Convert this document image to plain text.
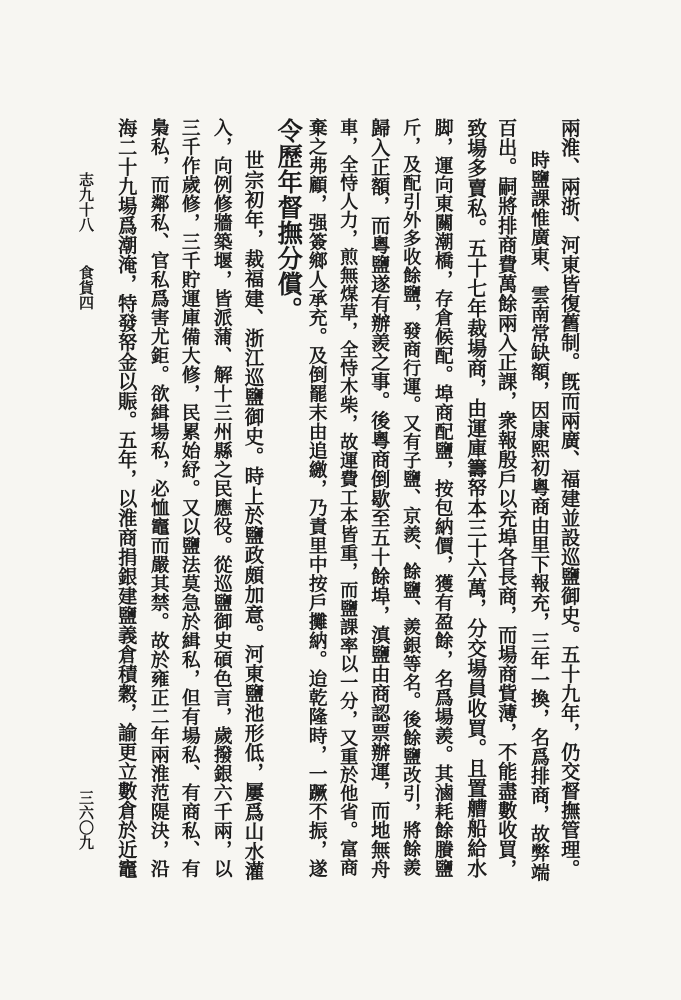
志九十八
食貨四
三六〇九	兩淮、兩浙、河東皆復舊制。旣而兩廣、福建並設巡鹽御史。五十九年，仍交督撫管理。
時鹽課惟廣東、雲南常缺額，因康熙初粵商由里下報充，三年一換，名爲排商，故弊端
百出。嗣將排商費萬餘兩入正課，衆報殷戶以充埠各長商，而場商貲薄，不能盡數收買，
致場多賣私。五十七年裁場商，由運庫籌帑本三十六萬，分交場員收買。且置艚船給水
脚，運向東關潮橋，存倉候配。埠商配鹽，按包納價，獲有盈餘，名爲場羨。其滷耗餘賸鹽
斤，及配引外多收餘鹽，發商行運。又有子鹽、京羨、餘鹽、羨銀等名。後餘鹽改引，將餘羨
歸入正額，而粵鹽遂有辦羨之事。後粵商倒歇至五十餘埠，滇鹽由商認票辦運，而地無舟
車，全恃人力，煎無煤草，全恃木柴，故運費工本皆重，而鹽課率以一分，又重於他省。富商
棄之弗顧，强簽鄉人承充。及倒罷末由追繳，乃責里中按戶攤納。迨乾隆時，一蹶不振，遂
令歷年督撫分償。
世宗初年，裁福建、浙江巡鹽御史。時上於鹽政頗加意。河東鹽池形低，屢爲山水灌
入，向例修牆築堰，皆派蒲、解十三州縣之民應役。從巡鹽御史碩色言，歲撥銀六千兩，以
三千作歲修，三千貯運庫備大修，民累始紓。又以鹽法莫急於緝私，但有場私、有商私、有
梟私，而鄰私、官私爲害尤鉅。欲緝場私，必恤竈而嚴其禁。故於雍正二年兩淮范隄決，沿
海二十九場爲潮淹，特發帑金以賑。五年，以淮商捐銀建鹽義倉積穀，諭更立數倉於近竈
